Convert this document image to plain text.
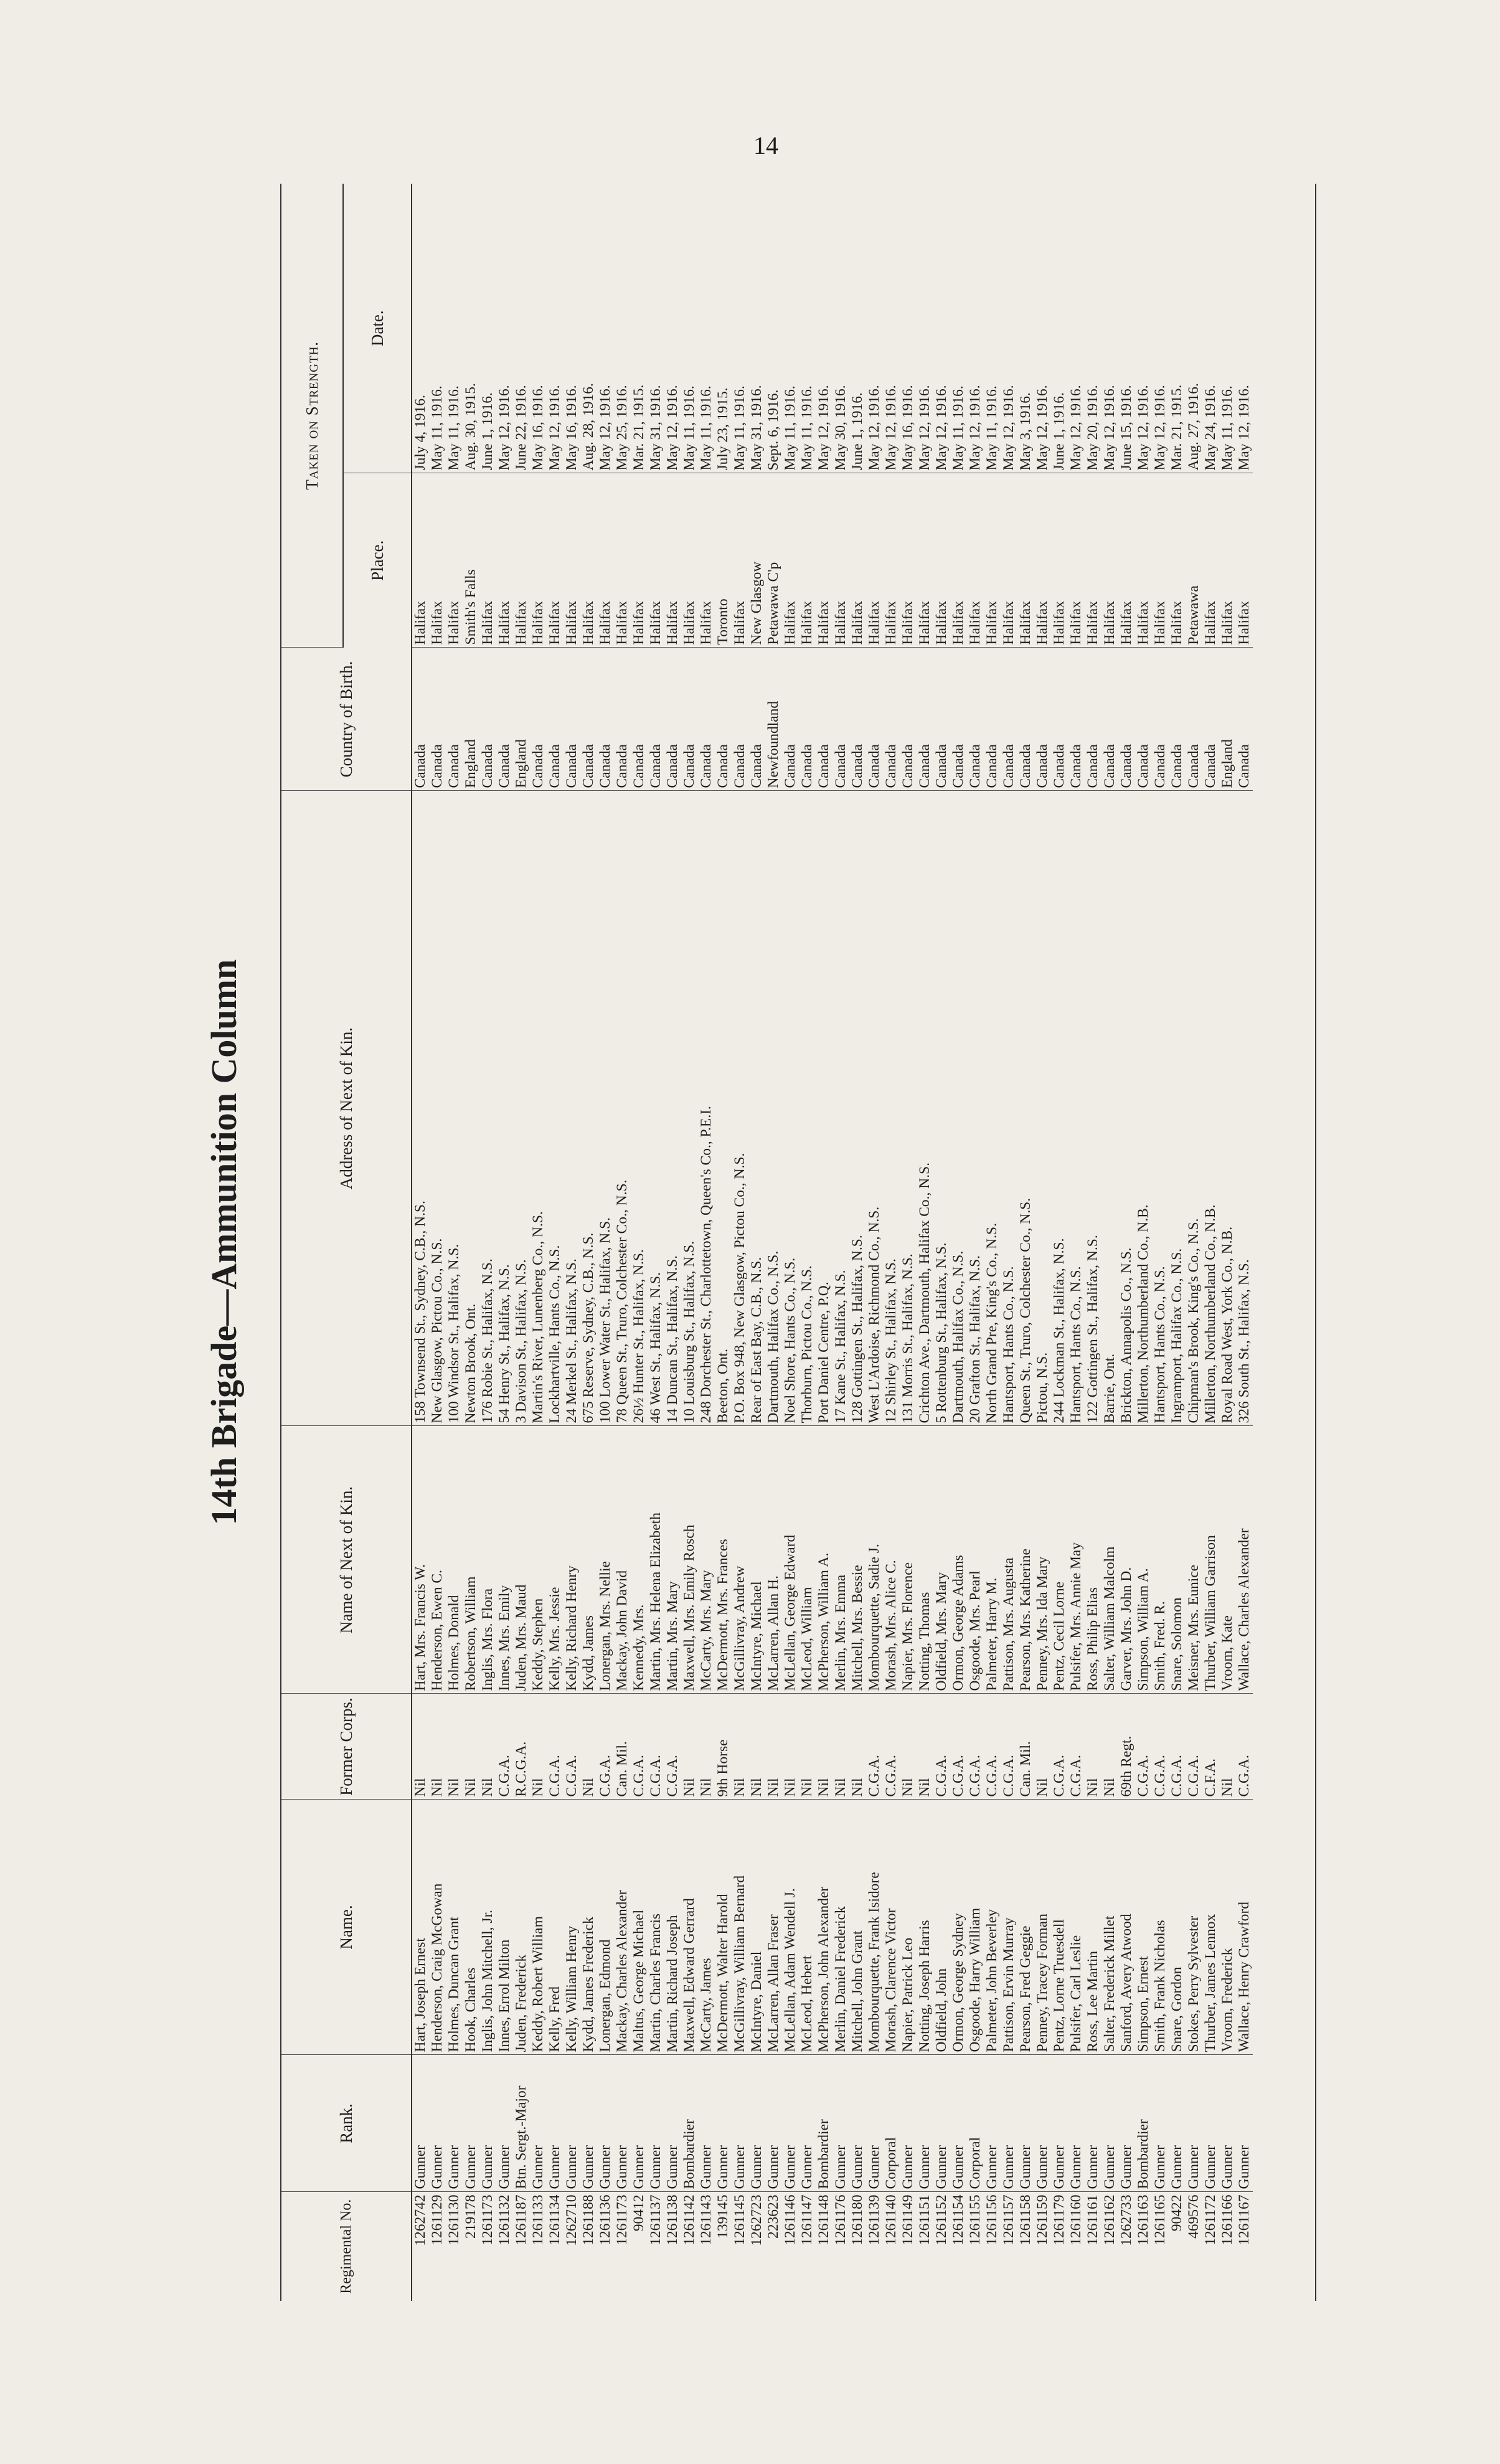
14
14th Brigade—Ammunition Column
Regimental No.	Rank.	Name.	Former Corps.	Name of Next of Kin.	Address of Next of Kin.	Country of Birth.	Taken on Strength.	
							Place.	Date.
1262742	Gunner	Hart, Joseph Ernest	Nil	Hart, Mrs. Francis W.	158 Townsend St., Sydney, C.B., N.S.	Canada	Halifax	July 4, 1916.
1261129	Gunner	Henderson, Craig McGowan	Nil	Henderson, Ewen C.	New Glasgow, Pictou Co., N.S.	Canada	Halifax	May 11, 1916.
1261130	Gunner	Holmes, Duncan Grant	Nil	Holmes, Donald	100 Windsor St., Halifax, N.S.	Canada	Halifax	May 11, 1916.
219178	Gunner	Hook, Charles	Nil	Robertson, William	Newton Brook, Ont.	England	Smith's Falls	Aug. 30, 1915.
1261173	Gunner	Inglis, John Mitchell, Jr.	Nil	Inglis, Mrs. Flora	176 Robie St., Halifax, N.S.	Canada	Halifax	June 1, 1916.
1261132	Gunner	Innes, Errol Milton	C.G.A.	Innes, Mrs. Emily	54 Henry St., Halifax, N.S.	Canada	Halifax	May 12, 1916.
1261187	Btn. Sergt.-Major	Juden, Frederick	R.C.G.A.	Juden, Mrs. Maud	3 Davison St., Halifax, N.S.	England	Halifax	June 22, 1916.
1261133	Gunner	Keddy, Robert William	Nil	Keddy, Stephen	Martin's River, Lunenberg Co., N.S.	Canada	Halifax	May 16, 1916.
1261134	Gunner	Kelly, Fred	C.G.A.	Kelly, Mrs. Jessie	Lockhartville, Hants Co., N.S.	Canada	Halifax	May 12, 1916.
1262710	Gunner	Kelly, William Henry	C.G.A.	Kelly, Richard Henry	24 Merkel St., Halifax, N.S.	Canada	Halifax	May 16, 1916.
1261188	Gunner	Kydd, James Frederick	Nil	Kydd, James	675 Reserve, Sydney, C.B., N.S.	Canada	Halifax	Aug. 28, 1916.
1261136	Gunner	Lonergan, Edmond	C.G.A.	Lonergan, Mrs. Nellie	100 Lower Water St., Halifax, N.S.	Canada	Halifax	May 12, 1916.
1261173	Gunner	Mackay, Charles Alexander	Can. Mil.	Mackay, John David	78 Queen St., Truro, Colchester Co., N.S.	Canada	Halifax	May 25, 1916.
90412	Gunner	Maltus, George Michael	C.G.A.	Kennedy, Mrs.	26½ Hunter St., Halifax, N.S.	Canada	Halifax	Mar. 21, 1915.
1261137	Gunner	Martin, Charles Francis	C.G.A.	Martin, Mrs. Helena Elizabeth	46 West St., Halifax, N.S.	Canada	Halifax	May 31, 1916.
1261138	Gunner	Martin, Richard Joseph	C.G.A.	Martin, Mrs. Mary	14 Duncan St., Halifax, N.S.	Canada	Halifax	May 12, 1916.
1261142	Bombardier	Maxwell, Edward Gerrard	Nil	Maxwell, Mrs. Emily Rosch	10 Louisburg St., Halifax, N.S.	Canada	Halifax	May 11, 1916.
1261143	Gunner	McCarty, James	Nil	McCarty, Mrs. Mary	248 Dorchester St., Charlottetown, Queen's Co., P.E.I.	Canada	Halifax	May 11, 1916.
139145	Gunner	McDermott, Walter Harold	9th Horse	McDermott, Mrs. Frances	Beeton, Ont.	Canada	Toronto	July 23, 1915.
1261145	Gunner	McGillivray, William Bernard	Nil	McGillivray, Andrew	P.O. Box 948, New Glasgow, Pictou Co., N.S.	Canada	Halifax	May 11, 1916.
1262723	Gunner	McIntyre, Daniel	Nil	McIntyre, Michael	Rear of East Bay, C.B., N.S.	Canada	New Glasgow	May 31, 1916.
223623	Gunner	McLarren, Allan Fraser	Nil	McLarren, Allan H.	Dartmouth, Halifax Co., N.S.	Newfoundland	Petawawa C'p	Sept. 6, 1916.
1261146	Gunner	McLellan, Adam Wendell J.	Nil	McLellan, George Edward	Noel Shore, Hants Co., N.S.	Canada	Halifax	May 11, 1916.
1261147	Gunner	McLeod, Hebert	Nil	McLeod, William	Thorburn, Pictou Co., N.S.	Canada	Halifax	May 11, 1916.
1261148	Bombardier	McPherson, John Alexander	Nil	McPherson, William A.	Port Daniel Centre, P.Q.	Canada	Halifax	May 12, 1916.
1261176	Gunner	Merlin, Daniel Frederick	Nil	Merlin, Mrs. Emma	17 Kane St., Halifax, N.S.	Canada	Halifax	May 30, 1916.
1261180	Gunner	Mitchell, John Grant	Nil	Mitchell, Mrs. Bessie	128 Gottingen St., Halifax, N.S.	Canada	Halifax	June 1, 1916.
1261139	Gunner	Mombourquette, Frank Isidore	C.G.A.	Mombourquette, Sadie J.	West L'Ardoise, Richmond Co., N.S.	Canada	Halifax	May 12, 1916.
1261140	Corporal	Morash, Clarence Victor	C.G.A.	Morash, Mrs. Alice C.	12 Shirley St., Halifax, N.S.	Canada	Halifax	May 12, 1916.
1261149	Gunner	Napier, Patrick Leo	Nil	Napier, Mrs. Florence	131 Morris St., Halifax, N.S.	Canada	Halifax	May 16, 1916.
1261151	Gunner	Notting, Joseph Harris	Nil	Notting, Thomas	Crichton Ave., Dartmouth, Halifax Co., N.S.	Canada	Halifax	May 12, 1916.
1261152	Gunner	Oldfield, John	C.G.A.	Oldfield, Mrs. Mary	5 Rottenburg St., Halifax, N.S.	Canada	Halifax	May 12, 1916.
1261154	Gunner	Ormon, George Sydney	C.G.A.	Ormon, George Adams	Dartmouth, Halifax Co., N.S.	Canada	Halifax	May 11, 1916.
1261155	Corporal	Osgoode, Harry William	C.G.A.	Osgoode, Mrs. Pearl	20 Grafton St., Halifax, N.S.	Canada	Halifax	May 12, 1916.
1261156	Gunner	Palmeter, John Beverley	C.G.A.	Palmeter, Harry M.	North Grand Pre, King's Co., N.S.	Canada	Halifax	May 11, 1916.
1261157	Gunner	Pattison, Ervin Murray	C.G.A.	Pattison, Mrs. Augusta	Hantsport, Hants Co., N.S.	Canada	Halifax	May 12, 1916.
1261158	Gunner	Pearson, Fred Geggie	Can. Mil.	Pearson, Mrs. Katherine	Queen St., Truro, Colchester Co., N.S.	Canada	Halifax	May 3, 1916.
1261159	Gunner	Penney, Tracey Forman	Nil	Penney, Mrs. Ida Mary	Pictou, N.S.	Canada	Halifax	May 12, 1916.
1261179	Gunner	Pentz, Lorne Truesdell	C.G.A.	Pentz, Cecil Lorne	244 Lockman St., Halifax, N.S.	Canada	Halifax	June 1, 1916.
1261160	Gunner	Pulsifer, Carl Leslie	C.G.A.	Pulsifer, Mrs. Annie May	Hantsport, Hants Co., N.S.	Canada	Halifax	May 12, 1916.
1261161	Gunner	Ross, Lee Martin	Nil	Ross, Philip Elias	122 Gottingen St., Halifax, N.S.	Canada	Halifax	May 20, 1916.
1261162	Gunner	Salter, Frederick Millet	Nil	Salter, William Malcolm	Barrie, Ont.	Canada	Halifax	May 12, 1916.
1262733	Gunner	Sanford, Avery Atwood	69th Regt.	Garver, Mrs. John D.	Brickton, Annapolis Co., N.S.	Canada	Halifax	June 15, 1916.
1261163	Bombardier	Simpson, Ernest	C.G.A.	Simpson, William A.	Millerton, Northumberland Co., N.B.	Canada	Halifax	May 12, 1916.
1261165	Gunner	Smith, Frank Nicholas	C.G.A.	Smith, Fred. R.	Hantsport, Hants Co., N.S.	Canada	Halifax	May 12, 1916.
90422	Gunner	Snare, Gordon	C.G.A.	Snare, Solomon	Ingramport, Halifax Co., N.S.	Canada	Halifax	Mar. 21, 1915.
469576	Gunner	Stokes, Perry Sylvester	C.G.A.	Meisner, Mrs. Eunice	Chipman's Brook, King's Co., N.S.	Canada	Petawawa	Aug. 27, 1916.
1261172	Gunner	Thurber, James Lennox	C.F.A.	Thurber, William Garrison	Millerton, Northumberland Co., N.B.	Canada	Halifax	May 24, 1916.
1261166	Gunner	Vroom, Frederick	Nil	Vroom, Kate	Royal Road West, York Co., N.B.	England	Halifax	May 11, 1916.
1261167	Gunner	Wallace, Henry Crawford	C.G.A.	Wallace, Charles Alexander	326 South St., Halifax, N.S.	Canada	Halifax	May 12, 1916.
